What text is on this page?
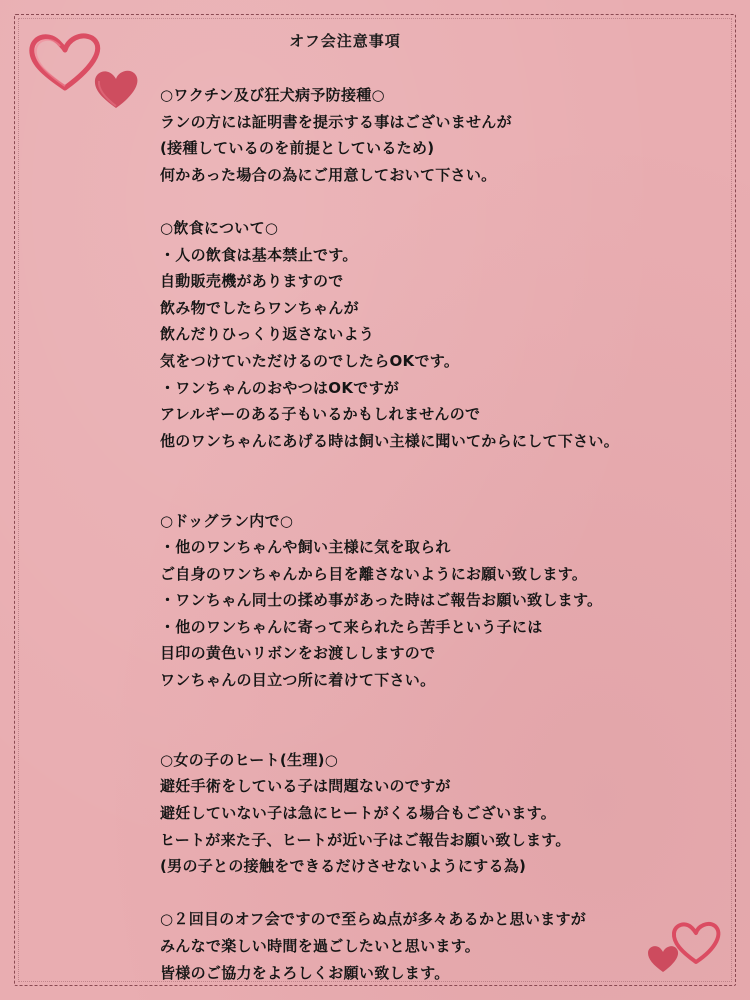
オフ会注意事項
○ワクチン及び狂犬病予防接種○
ランの方には証明書を提示する事はございませんが
(接種しているのを前提としているため)
何かあった場合の為にご用意しておいて下さい。
○飲食について○
・人の飲食は基本禁止です。
自動販売機がありますので
飲み物でしたらワンちゃんが
飲んだりひっくり返さないよう
気をつけていただけるのでしたらOKです。
・ワンちゃんのおやつはOKですが
アレルギーのある子もいるかもしれませんので
他のワンちゃんにあげる時は飼い主様に聞いてからにして下さい。
○ドッグラン内で○
・他のワンちゃんや飼い主様に気を取られ
ご自身のワンちゃんから目を離さないようにお願い致します。
・ワンちゃん同士の揉め事があった時はご報告お願い致します。
・他のワンちゃんに寄って来られたら苦手という子には
目印の黄色いリボンをお渡ししますので
ワンちゃんの目立つ所に着けて下さい。
○女の子のヒート(生理)○
避妊手術をしている子は問題ないのですが
避妊していない子は急にヒートがくる場合もございます。
ヒートが来た子、ヒートが近い子はご報告お願い致します。
(男の子との接触をできるだけさせないようにする為)
○２回目のオフ会ですので至らぬ点が多々あるかと思いますが
みんなで楽しい時間を過ごしたいと思います。
皆様のご協力をよろしくお願い致します。
